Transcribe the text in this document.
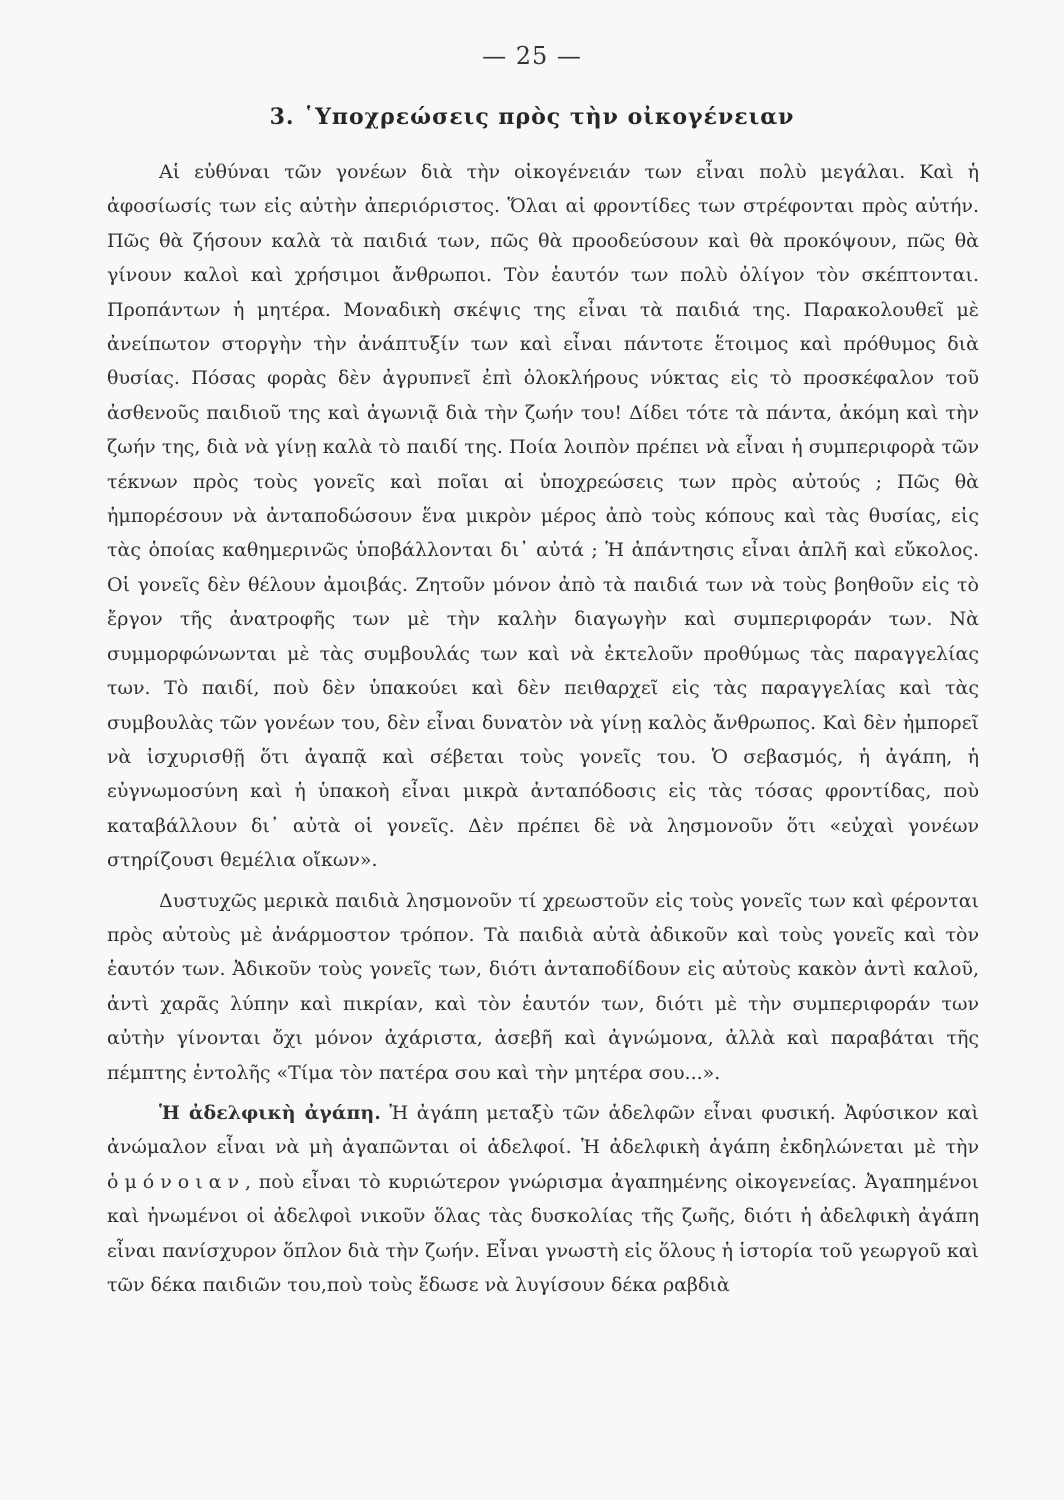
— 25 —
3. ῾Υποχρεώσεις πρὸς τὴν οἰκογένειαν

Αἱ εὐθύναι τῶν γονέων διὰ τὴν οἰκογένειάν των εἶναι πολὺ μεγάλαι. Καὶ ἡ ἀφοσίωσίς των εἰς αὐτὴν ἀπεριόριστος. Ὅλαι αἱ φροντίδες των στρέφονται πρὸς αὐτήν. Πῶς θὰ ζήσουν καλὰ τὰ παιδιά των, πῶς θὰ προοδεύσουν καὶ θὰ προκόψουν, πῶς θὰ γίνουν καλοὶ καὶ χρήσιμοι ἄνθρωποι. Τὸν ἑαυτόν των πολὺ ὀλίγον τὸν σκέπτονται. Προπάντων ἡ μητέρα. Μοναδικὴ σκέψις της εἶναι τὰ παιδιά της. Παρακολουθεῖ μὲ ἀνείπωτον στοργὴν τὴν ἀνάπτυξίν των καὶ εἶναι πάντοτε ἕτοιμος καὶ πρόθυμος διὰ θυσίας. Πόσας φορὰς δὲν ἀγρυπνεῖ ἐπὶ ὁλοκλήρους νύκτας εἰς τὸ προσκέφαλον τοῦ ἀσθενοῦς παιδιοῦ της καὶ ἀγωνιᾷ διὰ τὴν ζωήν του! Δίδει τότε τὰ πάντα, ἀκόμη καὶ τὴν ζωήν της, διὰ νὰ γίνῃ καλὰ τὸ παιδί της. Ποία λοιπὸν πρέπει νὰ εἶναι ἡ συμπεριφορὰ τῶν τέκνων πρὸς τοὺς γονεῖς καὶ ποῖαι αἱ ὑποχρεώσεις των πρὸς αὐτούς ; Πῶς θὰ ἠμπορέσουν νὰ ἀνταποδώσουν ἕνα μικρὸν μέρος ἀπὸ τοὺς κόπους καὶ τὰς θυσίας, εἰς τὰς ὁποίας καθημερινῶς ὑποβάλλονται δι᾽ αὐτά ; Ἡ ἀπάντησις εἶναι ἁπλῆ καὶ εὔκολος. Οἱ γονεῖς δὲν θέλουν ἀμοιβάς. Ζητοῦν μόνον ἀπὸ τὰ παιδιά των νὰ τοὺς βοηθοῦν εἰς τὸ ἔργον τῆς ἀνατροφῆς των μὲ τὴν καλὴν διαγωγὴν καὶ συμπεριφοράν των. Νὰ συμμορφώνωνται μὲ τὰς συμβουλάς των καὶ νὰ ἐκτελοῦν προθύμως τὰς παραγγελίας των. Τὸ παιδί, ποὺ δὲν ὑπακούει καὶ δὲν πειθαρχεῖ εἰς τὰς παραγγελίας καὶ τὰς συμβουλὰς τῶν γονέων του, δὲν εἶναι δυνατὸν νὰ γίνῃ καλὸς ἄνθρωπος. Καὶ δὲν ἠμπορεῖ νὰ ἰσχυρισθῇ ὅτι ἀγαπᾷ καὶ σέβεται τοὺς γονεῖς του. Ὁ σεβασμός, ἡ ἀγάπη, ἡ εὐγνωμοσύνη καὶ ἡ ὑπακοὴ εἶναι μικρὰ ἀνταπόδοσις εἰς τὰς τόσας φροντίδας, ποὺ καταβάλλουν δι᾽ αὐτὰ οἱ γονεῖς. Δὲν πρέπει δὲ νὰ λησμονοῦν ὅτι «εὐχαὶ γονέων στηρίζουσι θεμέλια οἴκων».

Δυστυχῶς μερικὰ παιδιὰ λησμονοῦν τί χρεωστοῦν εἰς τοὺς γονεῖς των καὶ φέρονται πρὸς αὐτοὺς μὲ ἀνάρμοστον τρόπον. Τὰ παιδιὰ αὐτὰ ἀδικοῦν καὶ τοὺς γονεῖς καὶ τὸν ἑαυτόν των. Ἀδικοῦν τοὺς γονεῖς των, διότι ἀνταποδίδουν εἰς αὐτοὺς κακὸν ἀντὶ καλοῦ, ἀντὶ χαρᾶς λύπην καὶ πικρίαν, καὶ τὸν ἑαυτόν των, διότι μὲ τὴν συμπεριφοράν των αὐτὴν γίνονται ὄχι μόνον ἀχάριστα, ἀσεβῆ καὶ ἀγνώμονα, ἀλλὰ καὶ παραβάται τῆς πέμπτης ἐντολῆς «Τίμα τὸν πατέρα σου καὶ τὴν μητέρα σου...».

Ἡ ἀδελφικὴ ἀγάπη. Ἡ ἀγάπη μεταξὺ τῶν ἀδελφῶν εἶναι φυσική. Ἀφύσικον καὶ ἀνώμαλον εἶναι νὰ μὴ ἀγαπῶνται οἱ ἀδελφοί. Ἡ ἀδελφικὴ ἀγάπη ἐκδηλώνεται μὲ τὴν ὁμόνοιαν, ποὺ εἶναι τὸ κυριώτερον γνώρισμα ἀγαπημένης οἰκογενείας. Ἀγαπημένοι καὶ ἡνωμένοι οἱ ἀδελφοὶ νικοῦν ὅλας τὰς δυσκολίας τῆς ζωῆς, διότι ἡ ἀδελφικὴ ἀγάπη εἶναι πανίσχυρον ὅπλον διὰ τὴν ζωήν. Εἶναι γνωστὴ εἰς ὅλους ἡ ἱστορία τοῦ γεωργοῦ καὶ τῶν δέκα παιδιῶν του,ποὺ τοὺς ἔδωσε νὰ λυγίσουν δέκα ραβδιὰ
